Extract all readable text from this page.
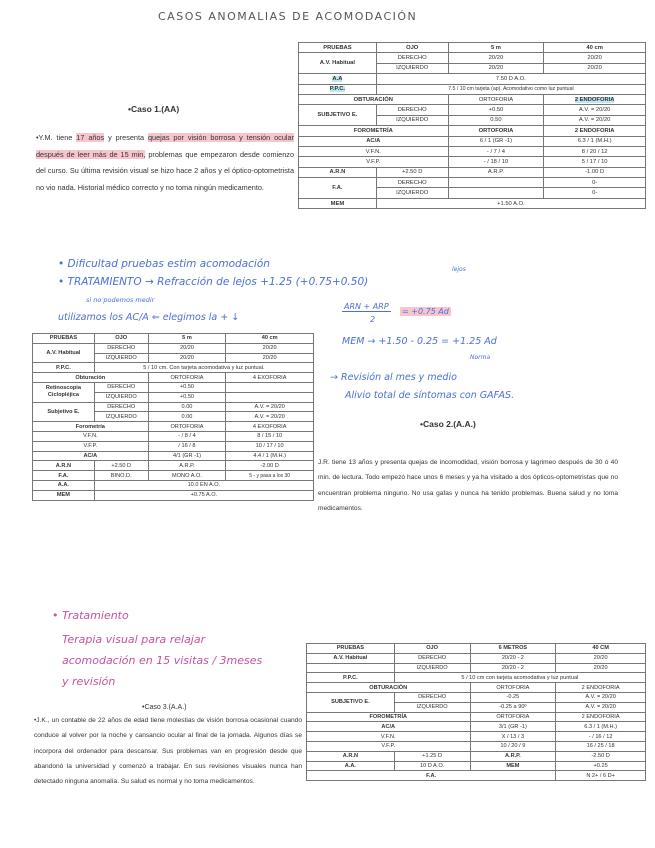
CASOS ANOMALIAS DE ACOMODACIÓN
PRUEBAS	OJO	5 m	40 cm
A.V. Habitual	DERECHO	20/20	20/20
	IZQUIERDO	20/20	20/20
A.A	7.50 D A.O.		
P.P.C.	7.5 / 10 cm tarjeta (ap). Acomodativo como luz puntual		
OBTURACIÓN		ORTOFORIA	2 ENDOFORIA
SUBJETIVO E.	DERECHO	+0.50	A.V. = 20/20
	IZQUIERDO	0.50	A.V. = 20/20
FOROMETRÍA		ORTOFORIA	2 ENDOFORIA
AC/A		6 / 1 (GR -1)	6.3 / 1 (M.H.)
V.F.N.		- / 7 / 4	8 / 20 / 12
V.F.P.		- / 18 / 10	5 / 17 / 10
A.R.N	+2.50 D	A.R.P.	-1.00 D
F.A.	DERECHO		0-
	IZQUIERDO		0-
MEM	+1.50 A.O.		
•Caso 1.(AA)
•Y.M. tiene 17 años y presenta quejas por visión borrosa y tensión ocular después de leer más de 15 min, problemas que empezaron desde comienzo del curso. Su última revisión visual se hizo hace 2 años y el óptico-optometrista no vio nada. Historial médico correcto y no toma ningún medicamento.
• Dificultad pruebas estim acomodación
• TRATAMIENTO → Refracción de lejos +1.25 (+0.75+0.50)
lejos
si no podemos medir
utilizamos los AC/A ⇐ elegimos la + ↓
ARN + ARP
2
= +0.75 Ad
MEM → +1.50 - 0.25 = +1.25 Ad
Norma
→ Revisión al mes y medio
Alivio total de síntomas con GAFAS.
PRUEBAS	OJO	5 m	40 cm
A.V. Habitual	DERECHO	20/20	20/20
	IZQUIERDO	20/20	20/20
P.P.C.	5 / 10 cm. Con tarjeta acomodativa y luz puntual.		
Obturación		ORTOFORIA	4 EXOFORIA
Retinoscopia Ciclopléjica	DERECHO	+0.50	
	IZQUIERDO	+0.50	
Subjetivo E.	DERECHO	0.00	A.V. = 20/20
	IZQUIERDO	0.00	A.V. = 20/20
Forometría		ORTOFORIA	4 EXOFORIA
V.F.N.		- / 8 / 4	8 / 15 / 10
V.F.P.		/ 16 / 8	10 / 17 / 10
AC/A		4/1 (GR -1)	4.4 / 1 (M.H.)
A.R.N	+2.50 D	A.R.P.	-2.00 D
F.A.	BINO.D.	MONO A.O.	5 - y pasa a los 30
A.A.	10.0 EN A.O.		
MEM	+0.75 A.O.		
•Caso 2.(A.A.)
J.R. tiene 13 años y presenta quejas de incomodidad, visión borrosa y lagrimeo después de 30 ó 40 min. de lectura. Todo empezó hace unos 6 meses y ya ha visitado a dos ópticos-optometristas que no encuentran problema ninguno. No usa gafas y nunca ha tenido problemas. Buena salud y no toma medicamentos.
• Tratamiento
Terapia visual para relajar
acomodación en 15 visitas / 3meses
y revisión
PRUEBAS	OJO	6 METROS	40 CM
A.V. Habitual	DERECHO	20/20 - 2	20/20
	IZQUIERDO	20/20 - 2	20/20
P.P.C.	5 / 10 cm con tarjeta acomodativa y luz puntual		
OBTURACIÓN		ORTOFORIA	2 ENDOFORIA
SUBJETIVO E.	DERECHO	-0.25	A.V. = 20/20
	IZQUIERDO	-0.25 a 90º	A.V. = 20/20
FOROMETRÍA		ORTOFORIA	2 ENDOFORIA
AC/A		3/1 (GR -1)	6.3 / 1 (M.H.)
V.F.N.		X / 13 / 3	- / 16 / 12
V.F.P.		10 / 20 / 9	16 / 25 / 18
A.R.N	+1.25 D	A.R.P.	-2.50 D
A.A.	10 D A.O.	MEM	+0.25
F.A.			N 2+ / 6 D+
•Caso 3.(A.A.)
•J.K., un contable de 22 años de edad tiene molestias de visión borrosa ocasional cuando conduce al volver por la noche y cansancio ocular al final de la jornada. Algunos días se incorpora del ordenador para descansar. Sus problemas van en progresión desde que abandonó la universidad y comenzó a trabajar. En sus revisiones visuales nunca han detectado ninguna anomalía. Su salud es normal y no toma medicamentos.
